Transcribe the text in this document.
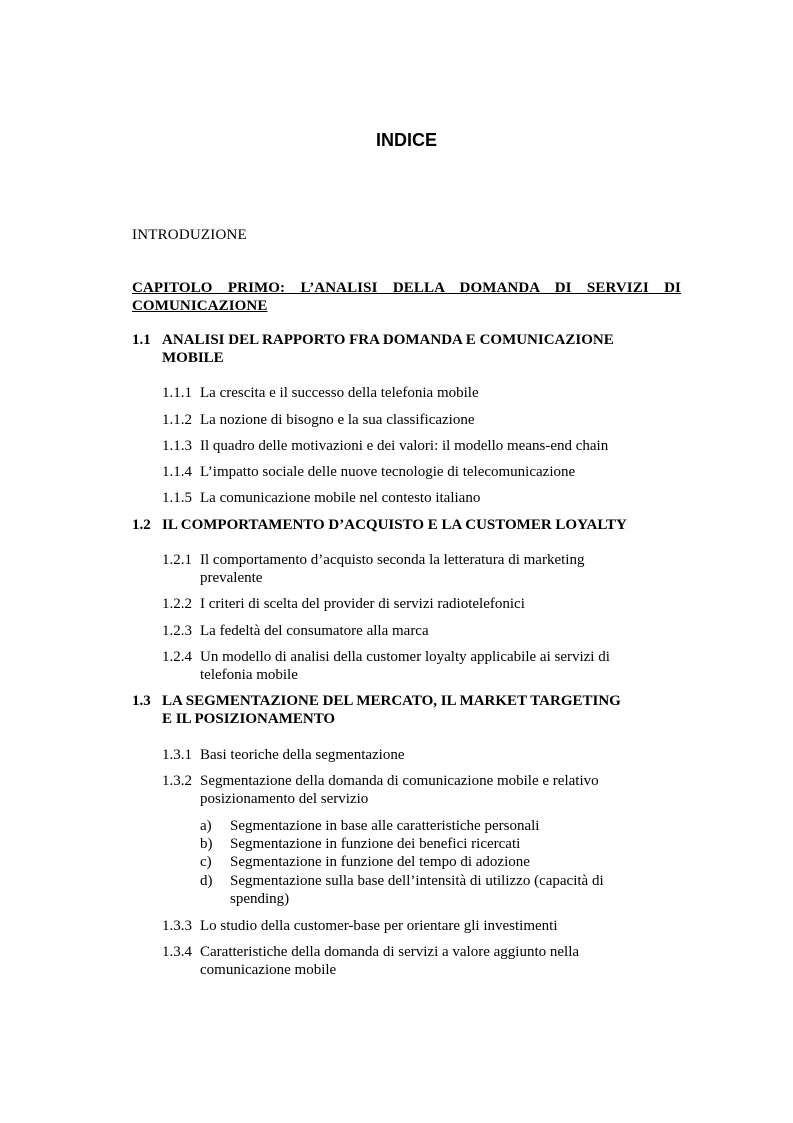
INDICE
INTRODUZIONE
CAPITOLO PRIMO: L’ANALISI DELLA DOMANDA DI SERVIZI DI
COMUNICAZIONE
1.1 ANALISI DEL RAPPORTO FRA DOMANDA E COMUNICAZIONE
MOBILE
1.1.1 La crescita e il successo della telefonia mobile
1.1.2 La nozione di bisogno e la sua classificazione
1.1.3 Il quadro delle motivazioni e dei valori: il modello means-end chain
1.1.4 L’impatto sociale delle nuove tecnologie di telecomunicazione
1.1.5 La comunicazione mobile nel contesto italiano
1.2 IL COMPORTAMENTO D’ACQUISTO E LA CUSTOMER LOYALTY
1.2.1 Il comportamento d’acquisto seconda la letteratura di marketing
prevalente
1.2.2 I criteri di scelta del provider di servizi radiotelefonici
1.2.3 La fedeltà del consumatore alla marca
1.2.4 Un modello di analisi della customer loyalty applicabile ai servizi di
telefonia mobile
1.3 LA SEGMENTAZIONE DEL MERCATO, IL MARKET TARGETING
E IL POSIZIONAMENTO
1.3.1 Basi teoriche della segmentazione
1.3.2 Segmentazione della domanda di comunicazione mobile e relativo
posizionamento del servizio
a) Segmentazione in base alle caratteristiche personali
b) Segmentazione in funzione dei benefici ricercati
c) Segmentazione in funzione del tempo di adozione
d) Segmentazione sulla base dell’intensità di utilizzo (capacità di
spending)
1.3.3 Lo studio della customer-base per orientare gli investimenti
1.3.4 Caratteristiche della domanda di servizi a valore aggiunto nella
comunicazione mobile
